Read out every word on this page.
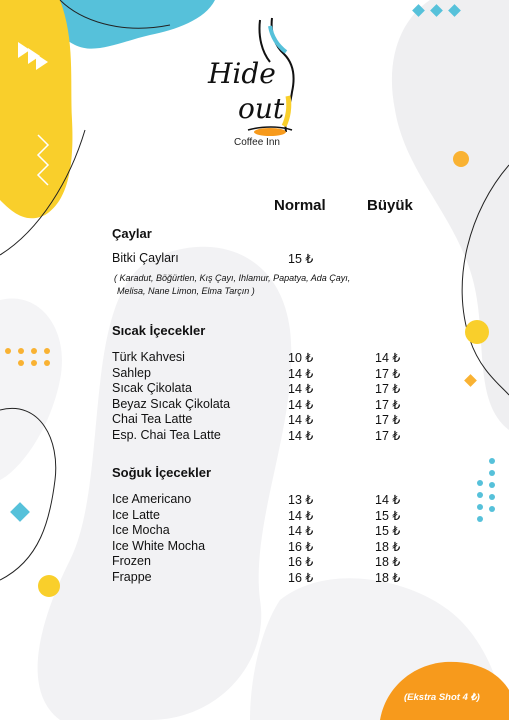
Hide
out
Coffee Inn
Normal	Büyük
Çaylar
Bitki Çayları	15 ₺
( Karadut, Böğürtlen, Kış Çayı, Ihlamur, Papatya, Ada Çayı,
Melisa, Nane Limon, Elma Tarçın )
Sıcak İçecekler
Türk Kahvesi	10 ₺	14 ₺
Sahlep	14 ₺	17 ₺
Sıcak Çikolata	14 ₺	17 ₺
Beyaz Sıcak Çikolata	14 ₺	17 ₺
Chai Tea Latte	14 ₺	17 ₺
Esp. Chai Tea Latte	14 ₺	17 ₺
Soğuk İçecekler
Ice Americano	13 ₺	14 ₺
Ice Latte	14 ₺	15 ₺
Ice Mocha	14 ₺	15 ₺
Ice White Mocha	16 ₺	18 ₺
Frozen	16 ₺	18 ₺
Frappe	16 ₺	18 ₺
(Ekstra Shot 4 ₺)
